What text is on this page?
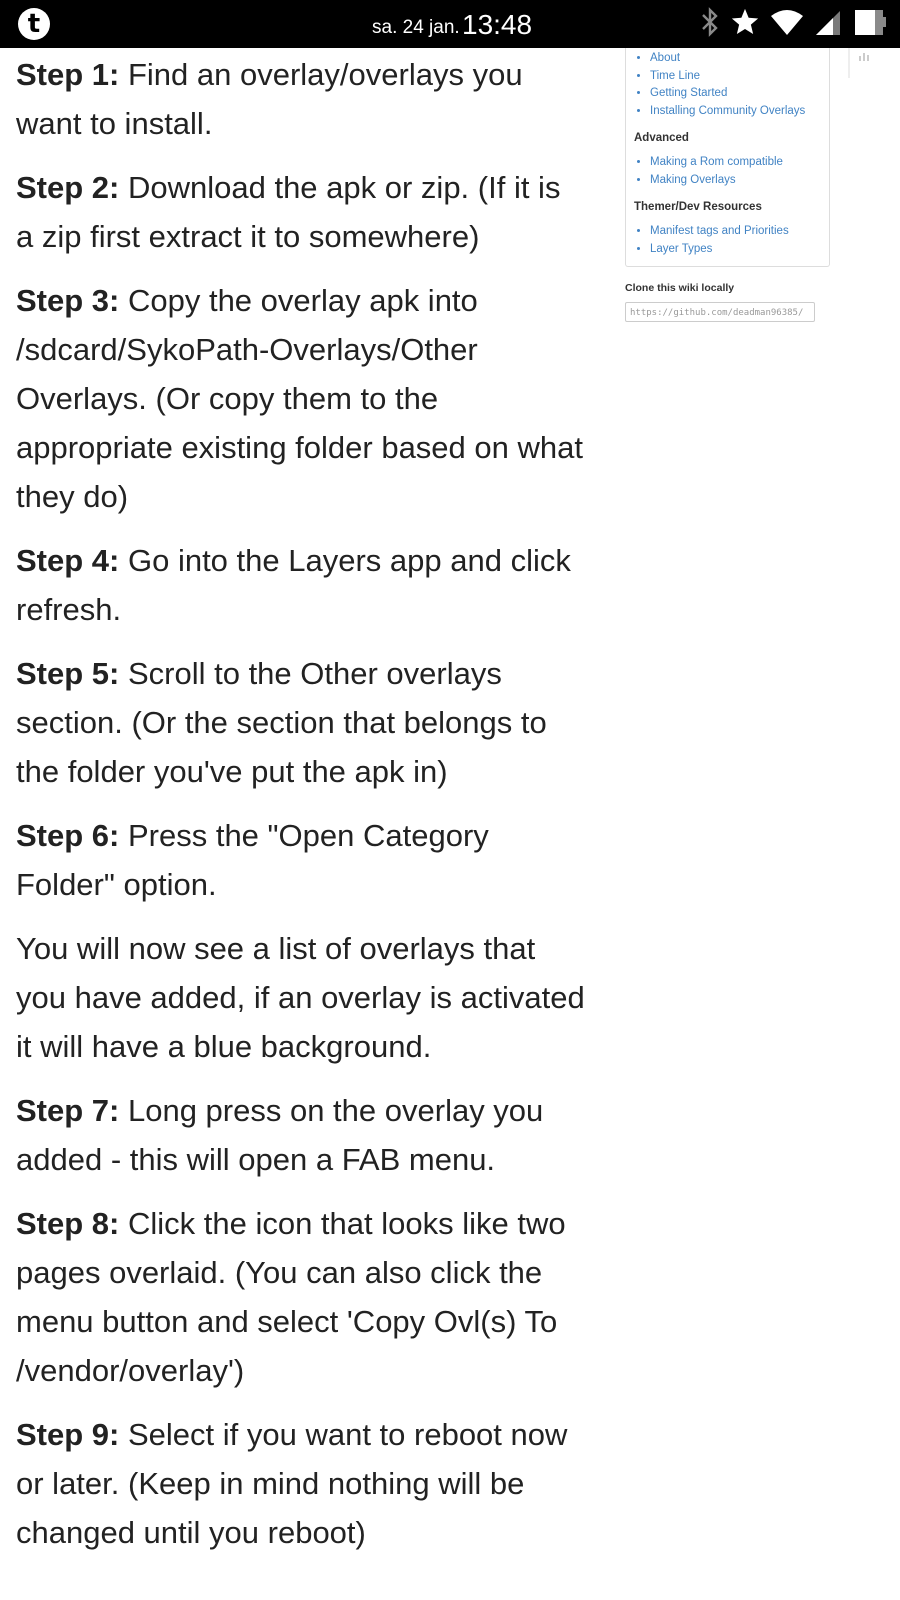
t	sa. 24 jan. 13:48

Step 1: Find an overlay/overlays you want to install.

Step 2: Download the apk or zip. (If it is a zip first extract it to somewhere)

Step 3: Copy the overlay apk into /sdcard/SykoPath-Overlays/Other Overlays. (Or copy them to the appropriate existing folder based on what they do)

Step 4: Go into the Layers app and click refresh.

Step 5: Scroll to the Other overlays section. (Or the section that belongs to the folder you've put the apk in)

Step 6: Press the "Open Category Folder" option.

You will now see a list of overlays that you have added, if an overlay is activated it will have a blue background.

Step 7: Long press on the overlay you added - this will open a FAB menu.

Step 8: Click the icon that looks like two pages overlaid. (You can also click the menu button and select 'Copy Ovl(s) To /vendor/overlay')

Step 9: Select if you want to reboot now or later. (Keep in mind nothing will be changed until you reboot)

• About
• Time Line
• Getting Started
• Installing Community Overlays
Advanced
• Making a Rom compatible
• Making Overlays
Themer/Dev Resources
• Manifest tags and Priorities
• Layer Types
Clone this wiki locally
https://github.com/deadman96385/
